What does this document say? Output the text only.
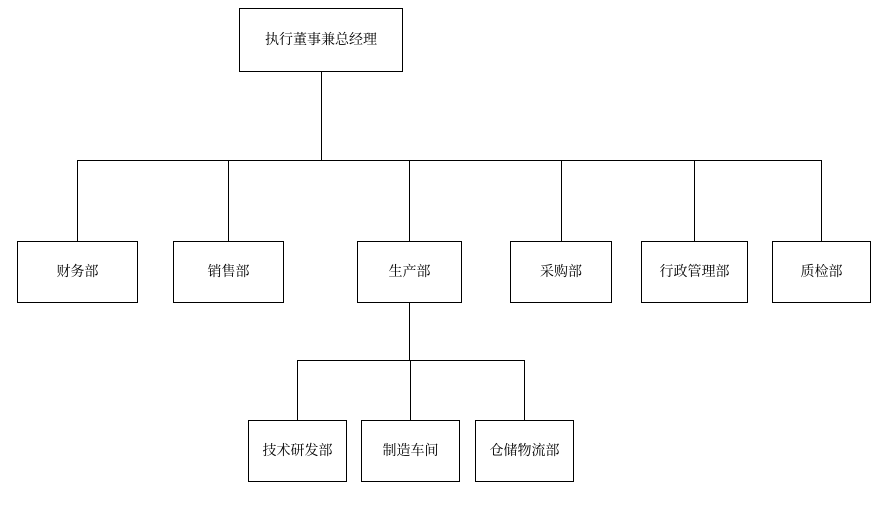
执行董事兼总经理
财务部	销售部	生产部	采购部	行政管理部	质检部
技术研发部	制造车间	仓储物流部
